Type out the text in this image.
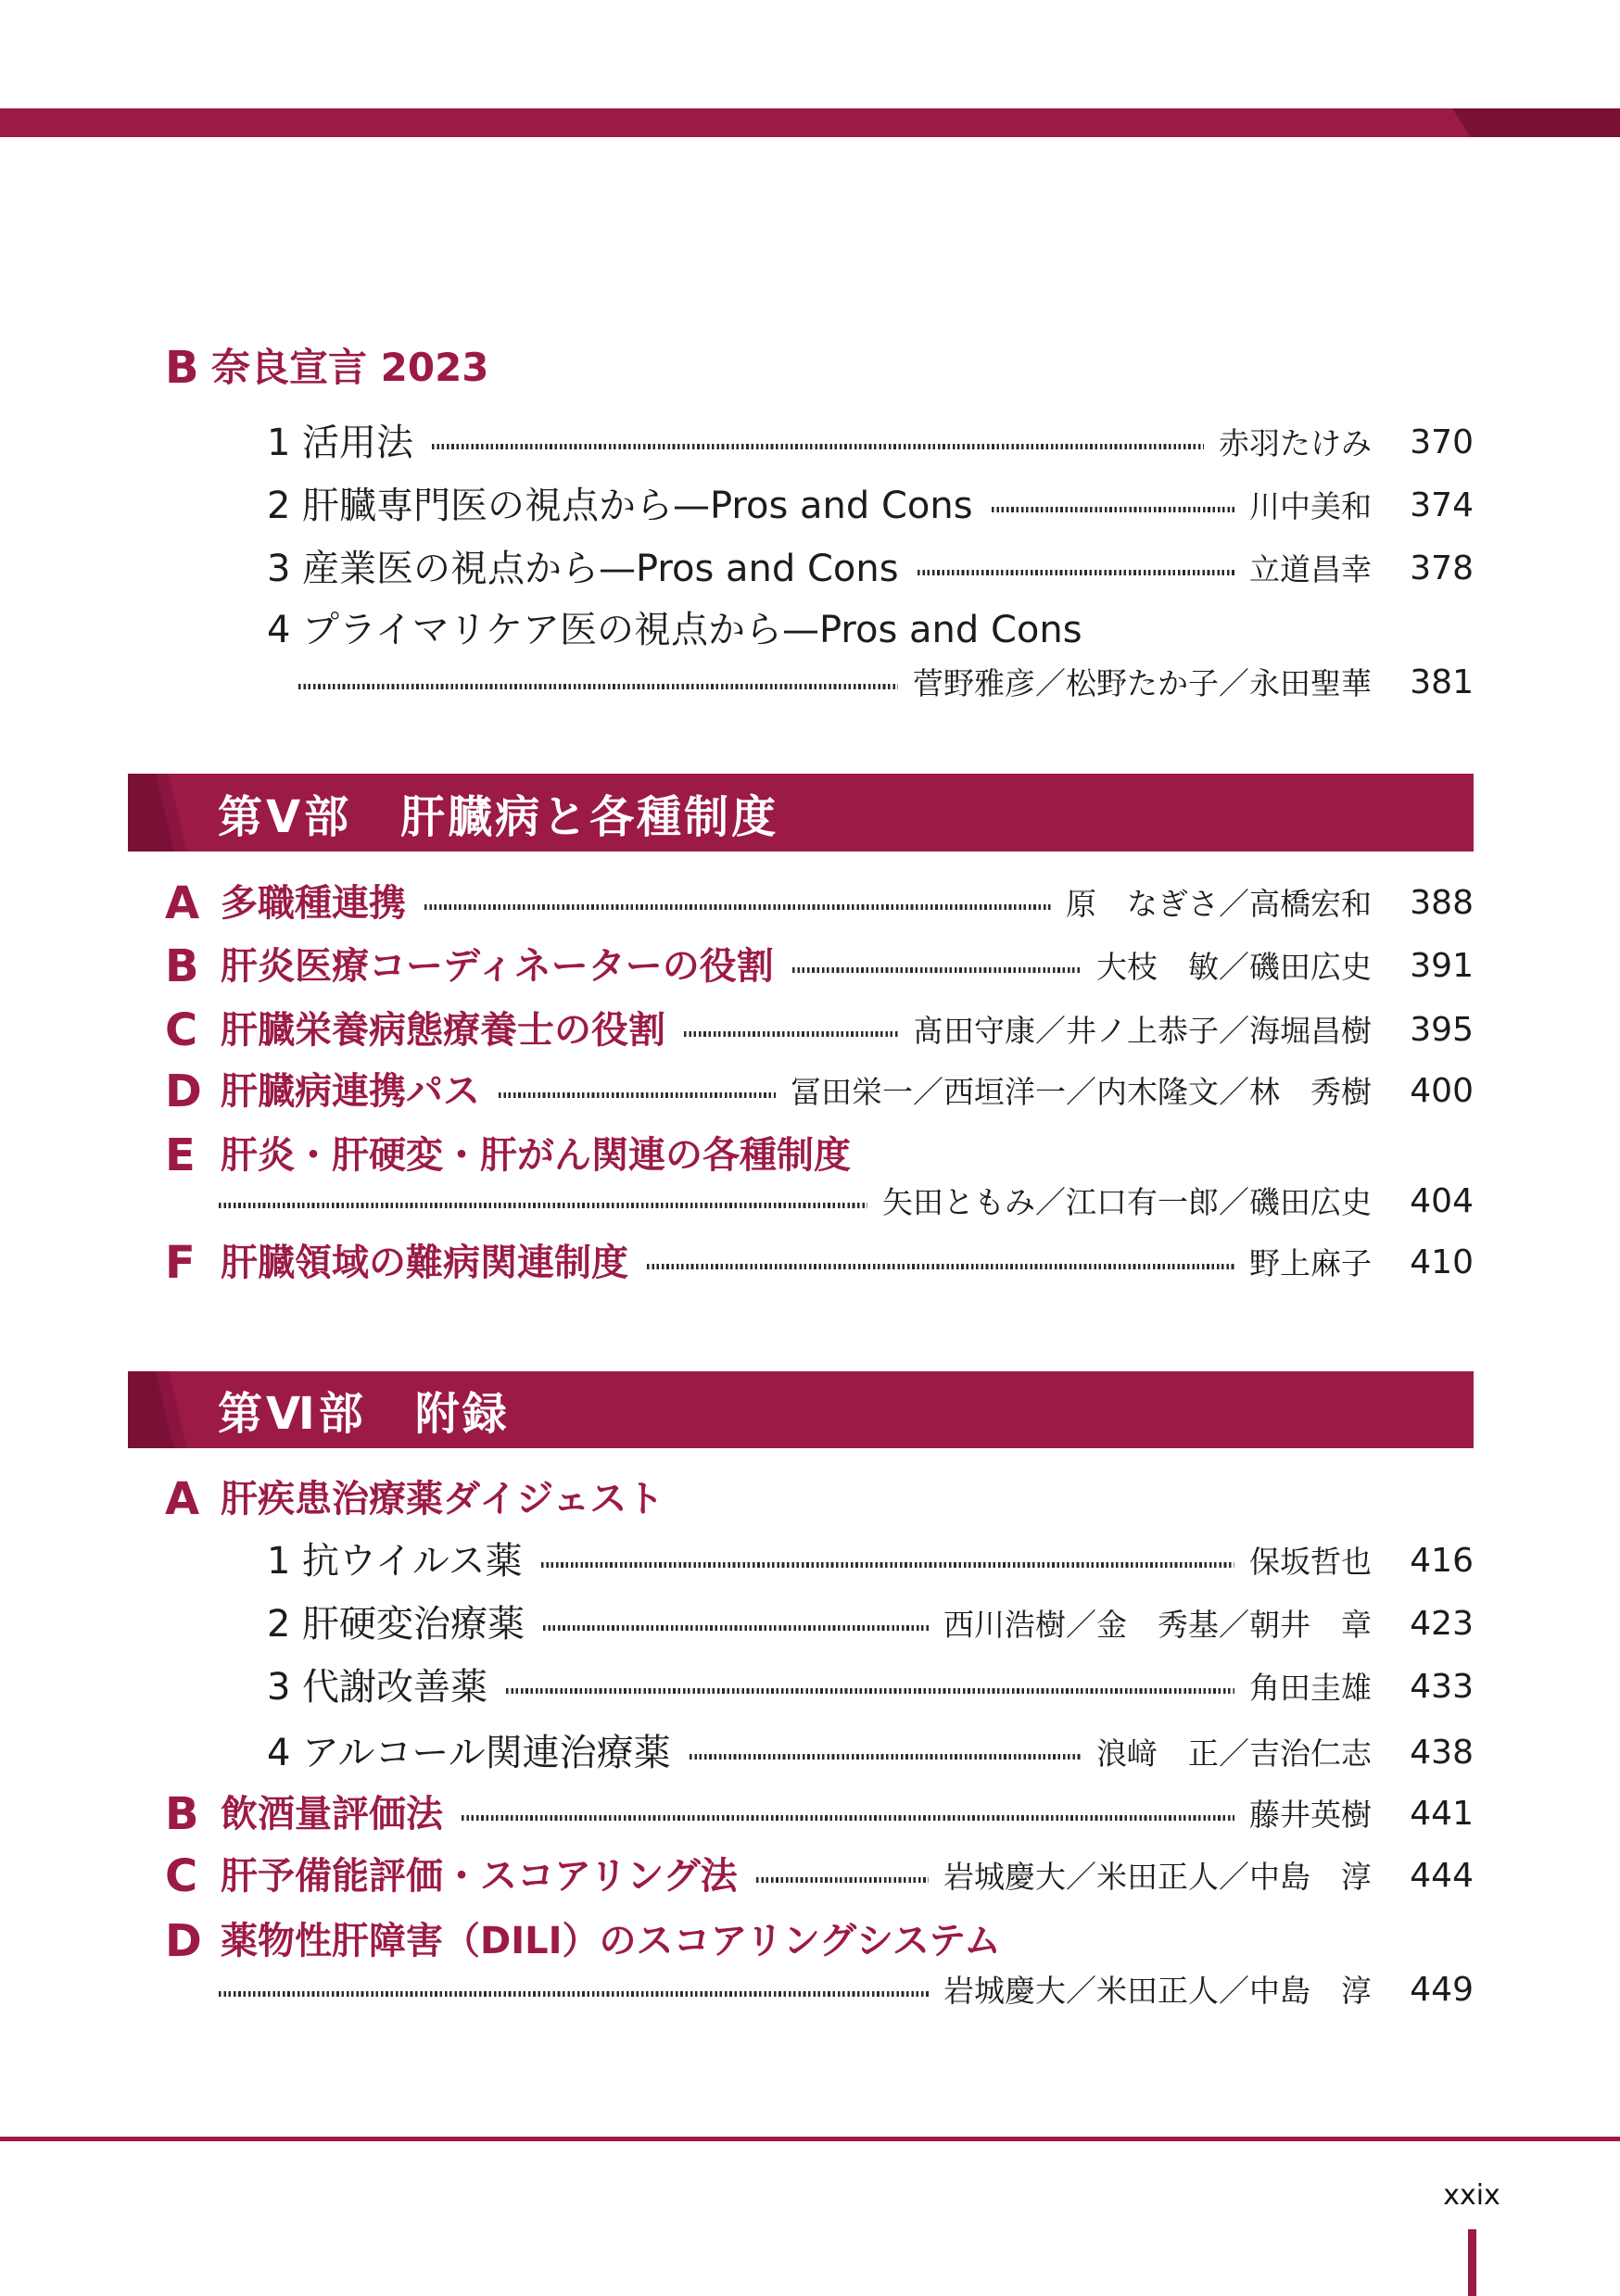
B 奈良宣言 2023
1 活用法	赤羽たけみ	370
2 肝臓専門医の視点から—Pros and Cons	川中美和	374
3 産業医の視点から—Pros and Cons	立道昌幸	378
4 プライマリケア医の視点から—Pros and Cons
菅野雅彦／松野たか子／永田聖華	381
第Ⅴ部 肝臓病と各種制度
A 多職種連携	原　なぎさ／高橋宏和	388
B 肝炎医療コーディネーターの役割	大枝　敏／磯田広史	391
C 肝臓栄養病態療養士の役割	髙田守康／井ノ上恭子／海堀昌樹	395
D 肝臓病連携パス	冨田栄一／西垣洋一／内木隆文／林　秀樹	400
E 肝炎・肝硬変・肝がん関連の各種制度
矢田ともみ／江口有一郎／磯田広史	404
F 肝臓領域の難病関連制度	野上麻子	410
第Ⅵ部 附録
A 肝疾患治療薬ダイジェスト
1 抗ウイルス薬	保坂哲也	416
2 肝硬変治療薬	西川浩樹／金　秀基／朝井　章	423
3 代謝改善薬	角田圭雄	433
4 アルコール関連治療薬	浪﨑　正／吉治仁志	438
B 飲酒量評価法	藤井英樹	441
C 肝予備能評価・スコアリング法	岩城慶大／米田正人／中島　淳	444
D 薬物性肝障害（DILI）のスコアリングシステム
岩城慶大／米田正人／中島　淳	449
xxix
